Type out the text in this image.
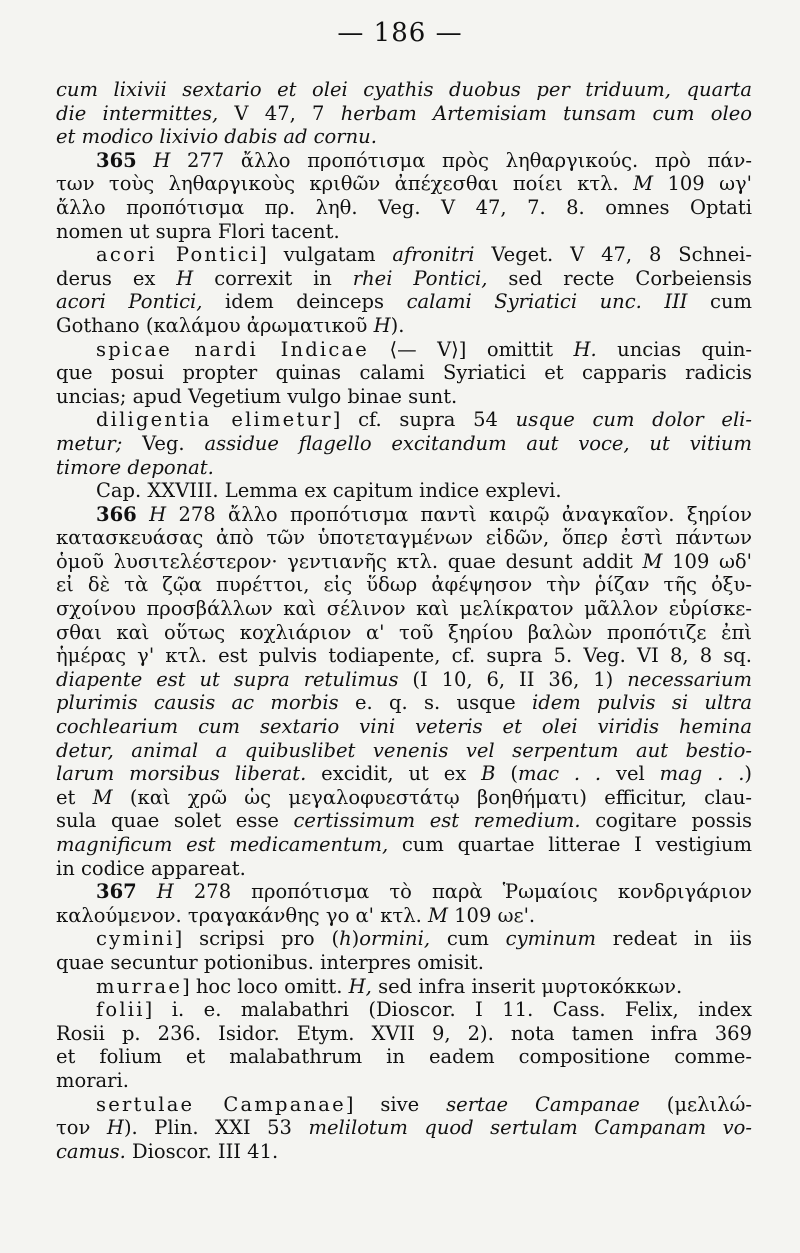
— 186 —
cum lixivii sextario et olei cyathis duobus per triduum, quarta
die intermittes, V 47, 7 herbam Artemisiam tunsam cum oleo
et modico lixivio dabis ad cornu.
365 H 277 ἄλλο προπότισμα πρὸς ληθαργικούς. πρὸ πάν-
των τοὺς ληθαργικοὺς κριθῶν ἀπέχεσθαι ποίει κτλ. M 109 ωγ'
ἄλλο προπότισμα πρ. ληθ. Veg. V 47, 7. 8. omnes Optati
nomen ut supra Flori tacent.
acori Pontici] vulgatam afronitri Veget. V 47, 8 Schnei-
derus ex H correxit in rhei Pontici, sed recte Corbeiensis
acori Pontici, idem deinceps calami Syriatici unc. III cum
Gothano (καλάμου ἀρωματικοῦ H).
spicae nardi Indicae ⟨— V⟩] omittit H. uncias quin-
que posui propter quinas calami Syriatici et capparis radicis
uncias; apud Vegetium vulgo binae sunt.
diligentia elimetur] cf. supra 54 usque cum dolor eli-
metur; Veg. assidue flagello excitandum aut voce, ut vitium
timore deponat.
Cap. XXVIII. Lemma ex capitum indice explevi.
366 H 278 ἄλλο προπότισμα παντὶ καιρῷ ἀναγκαῖον. ξηρίον
κατασκευάσας ἀπὸ τῶν ὑποτεταγμένων εἰδῶν, ὅπερ ἐστὶ πάντων
ὁμοῦ λυσιτελέστερον· γεντιανῆς κτλ. quae desunt addit M 109 ωδ'
εἰ δὲ τὰ ζῷα πυρέττοι, εἰς ὕδωρ ἀφέψησον τὴν ῥίζαν τῆς ὀξυ-
σχοίνου προσβάλλων καὶ σέλινον καὶ μελίκρατον μᾶλλον εὑρίσκε-
σθαι καὶ οὕτως κοχλιάριον α' τοῦ ξηρίου βαλὼν προπότιζε ἐπὶ
ἡμέρας γ' κτλ. est pulvis todiapente, cf. supra 5. Veg. VI 8, 8 sq.
diapente est ut supra retulimus (I 10, 6, II 36, 1) necessarium
plurimis causis ac morbis e. q. s. usque idem pulvis si ultra
cochlearium cum sextario vini veteris et olei viridis hemina
detur, animal a quibuslibet venenis vel serpentum aut bestio-
larum morsibus liberat. excidit, ut ex B (mac . . vel mag . .)
et M (καὶ χρῶ ὡς μεγαλοφυεστάτῳ βοηθήματι) efficitur, clau-
sula quae solet esse certissimum est remedium. cogitare possis
magnificum est medicamentum, cum quartae litterae I vestigium
in codice appareat.
367 H 278 προπότισμα τὸ παρὰ Ῥωμαίοις κονδριγάριον
καλούμενον. τραγακάνθης γο α' κτλ. M 109 ωε'.
cymini] scripsi pro (h)ormini, cum cyminum redeat in iis
quae secuntur potionibus. interpres omisit.
murrae] hoc loco omitt. H, sed infra inserit μυρτοκόκκων.
folii] i. e. malabathri (Dioscor. I 11. Cass. Felix, index
Rosii p. 236. Isidor. Etym. XVII 9, 2). nota tamen infra 369
et folium et malabathrum in eadem compositione comme-
morari.
sertulae Campanae] sive sertae Campanae (μελιλώ-
τον H). Plin. XXI 53 melilotum quod sertulam Campanam vo-
camus. Dioscor. III 41.
